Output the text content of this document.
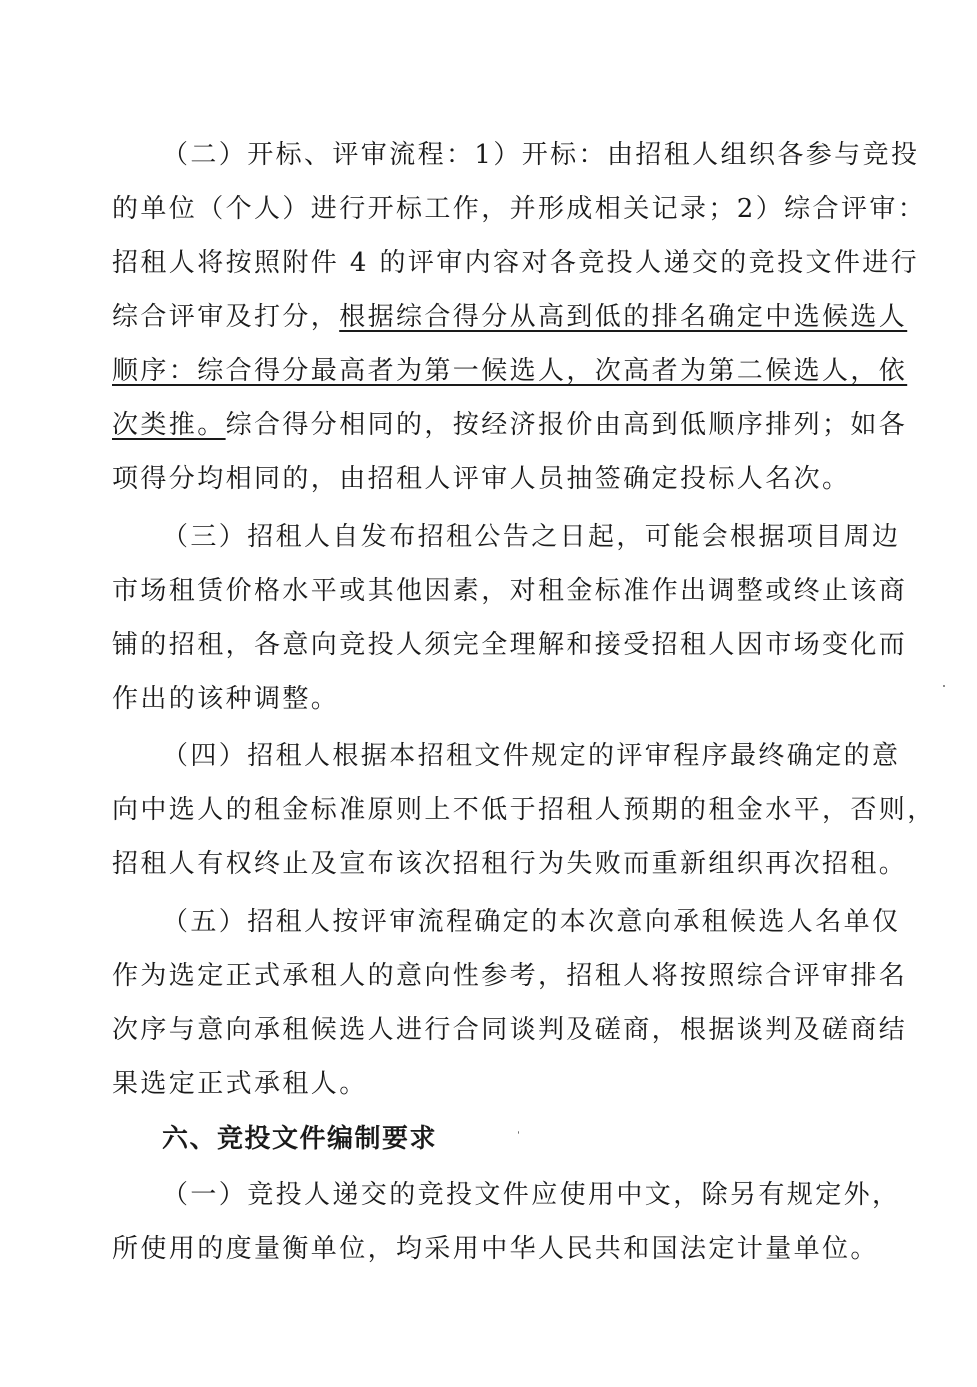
（二）开标、评审流程：1）开标：由招租人组织各参与竞投
的单位（个人）进行开标工作，并形成相关记录；2）综合评审：
招租人将按照附件 4 的评审内容对各竞投人递交的竞投文件进行
综合评审及打分，根据综合得分从高到低的排名确定中选候选人
顺序：综合得分最高者为第一候选人，次高者为第二候选人，依
次类推。综合得分相同的，按经济报价由高到低顺序排列；如各
项得分均相同的，由招租人评审人员抽签确定投标人名次。
（三）招租人自发布招租公告之日起，可能会根据项目周边
市场租赁价格水平或其他因素，对租金标准作出调整或终止该商
铺的招租，各意向竞投人须完全理解和接受招租人因市场变化而
作出的该种调整。
（四）招租人根据本招租文件规定的评审程序最终确定的意
向中选人的租金标准原则上不低于招租人预期的租金水平，否则，
招租人有权终止及宣布该次招租行为失败而重新组织再次招租。
（五）招租人按评审流程确定的本次意向承租候选人名单仅
作为选定正式承租人的意向性参考，招租人将按照综合评审排名
次序与意向承租候选人进行合同谈判及磋商，根据谈判及磋商结
果选定正式承租人。
六、竞投文件编制要求
（一）竞投人递交的竞投文件应使用中文，除另有规定外，
所使用的度量衡单位，均采用中华人民共和国法定计量单位。
